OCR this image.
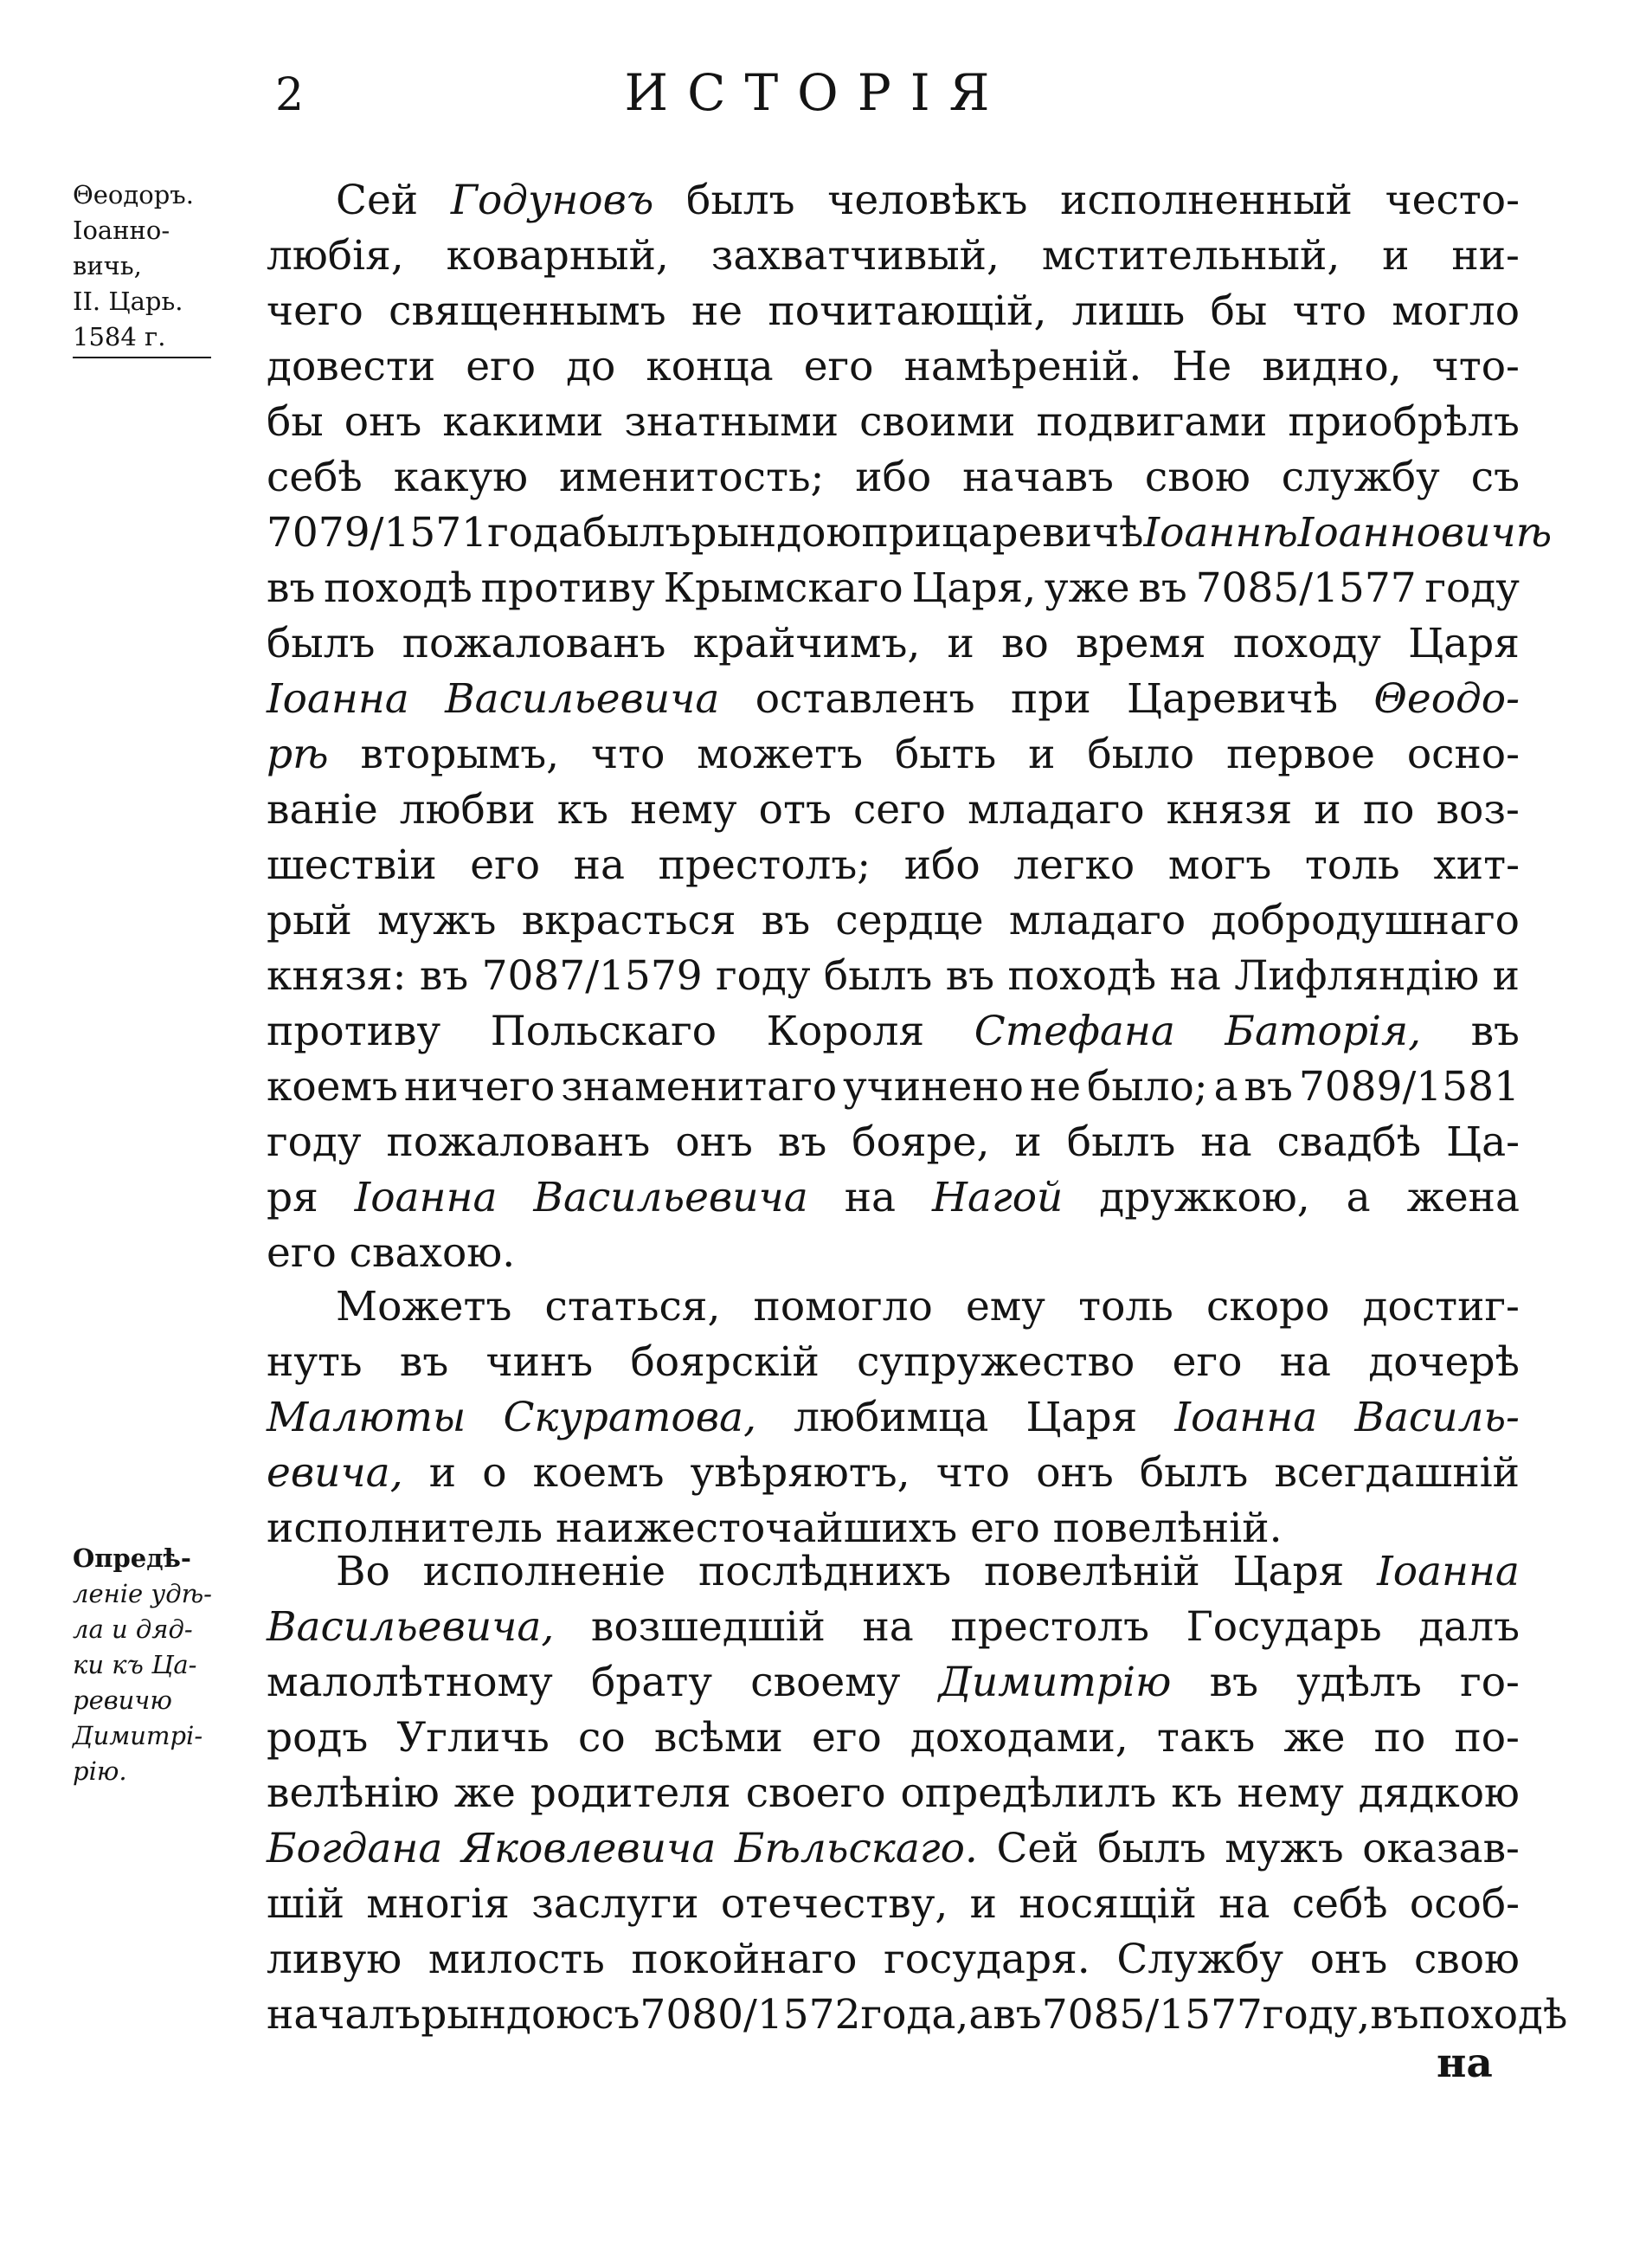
2	ИСТОРІЯ
Θеодоръ.
Іоанно-
вичь,
II. Царь.
1584 г.
Опредѣ-
леніе удѣ-
ла и дяд-
ки къ Ца-
ревичю
Димитрі-
рію.
Сей Годуновъ былъ человѣкъ исполненный често-
любія, коварный, захватчивый, мстительный, и ни-
чего священнымъ не почитающій, лишь бы что могло
довести его до конца его намѣреній. Не видно, что-
бы онъ какими знатными своими подвигами приобрѣлъ
себѣ какую именитость; ибо начавъ свою службу съ
7079/1571 года былъ рындою при царевичѣ Іоаннѣ Іоанновичѣ
въ походѣ противу Крымскаго Царя, уже въ 7085/1577 году
былъ пожалованъ крайчимъ, и во время походу Царя
Іоанна Васильевича оставленъ при Царевичѣ Θеодо-
рѣ вторымъ, что можетъ быть и было первое осно-
ваніе любви къ нему отъ сего младаго князя и по воз-
шествіи его на престолъ; ибо легко могъ толь хит-
рый мужъ вкрасться въ сердце младаго добродушнаго
князя: въ 7087/1579 году былъ въ походѣ на Лифляндію и
противу Польскаго Короля Стефана Баторія, въ
коемъ ничего знаменитаго учинено не было; а въ 7089/1581
году пожалованъ онъ въ бояре, и былъ на свадбѣ Ца-
ря Іоанна Васильевича на Нагой дружкою, а жена
его свахою.
Можетъ статься, помогло ему толь скоро достиг-
нуть въ чинъ боярскій супружество его на дочерѣ
Малюты Скуратова, любимца Царя Іоанна Василь-
евича, и о коемъ увѣряютъ, что онъ былъ всегдашній
исполнитель наижесточайшихъ его повелѣній.
Во исполненіе послѣднихъ повелѣній Царя Іоанна
Васильевича, возшедшій на престолъ Государь далъ
малолѣтному брату своему Димитрію въ удѣлъ го-
родъ Угличь со всѣми его доходами, такъ же по по-
велѣнію же родителя своего опредѣлилъ къ нему дядкою
Богдана Яковлевича Бѣльскаго. Сей былъ мужъ оказав-
шій многія заслуги отечеству, и носящій на себѣ особ-
ливую милость покойнаго государя. Службу онъ свою
началъ рындою съ 7080/1572 года, а въ 7085/1577 году, въ походѣ
на
